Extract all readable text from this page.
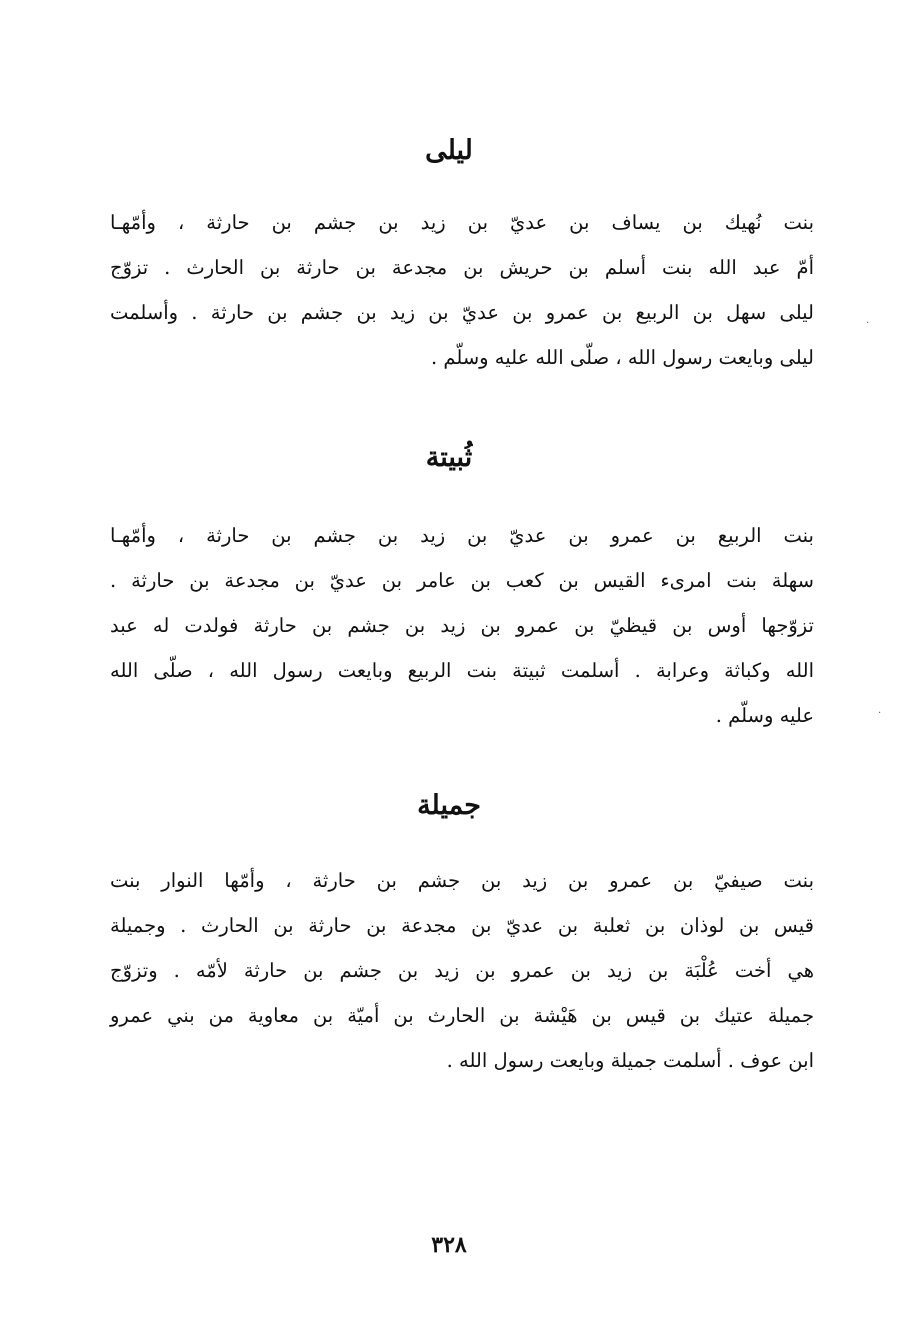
ليلى

بنت نُهيك بن يساف بن عديّ بن زيد بن جشم بن حارثة ، وأمّهـا
أمّ عبد الله بنت أسلم بن حريش بن مجدعة بن حارثة بن الحارث . تزوّج
ليلى سهل بن الربيع بن عمرو بن عديّ بن زيد بن جشم بن حارثة . وأسلمت
ليلى وبايعت رسول الله ، صلّى الله عليه وسلّم .

ثُبيتة

بنت الربيع بن عمرو بن عديّ بن زيد بن جشم بن حارثة ، وأمّهـا
سهلة بنت امرىء القيس بن كعب بن عامر بن عديّ بن مجدعة بن حارثة .
تزوّجها أوس بن قيظيّ بن عمرو بن زيد بن جشم بن حارثة فولدت له عبد
الله وكباثة وعرابة . أسلمت ثبيتة بنت الربيع وبايعت رسول الله ، صلّى الله
عليه وسلّم .

جميلة

بنت صيفيّ بن عمرو بن زيد بن جشم بن حارثة ، وأمّها النوار بنت
قيس بن لوذان بن ثعلبة بن عديّ بن مجدعة بن حارثة بن الحارث . وجميلة
هي أخت عُلْبَة بن زيد بن عمرو بن زيد بن جشم بن حارثة لأمّه . وتزوّج
جميلة عتيك بن قيس بن هَيْشة بن الحارث بن أميّة بن معاوية من بني عمرو
ابن عوف . أسلمت جميلة وبايعت رسول الله .

٣٢٨
·
·
